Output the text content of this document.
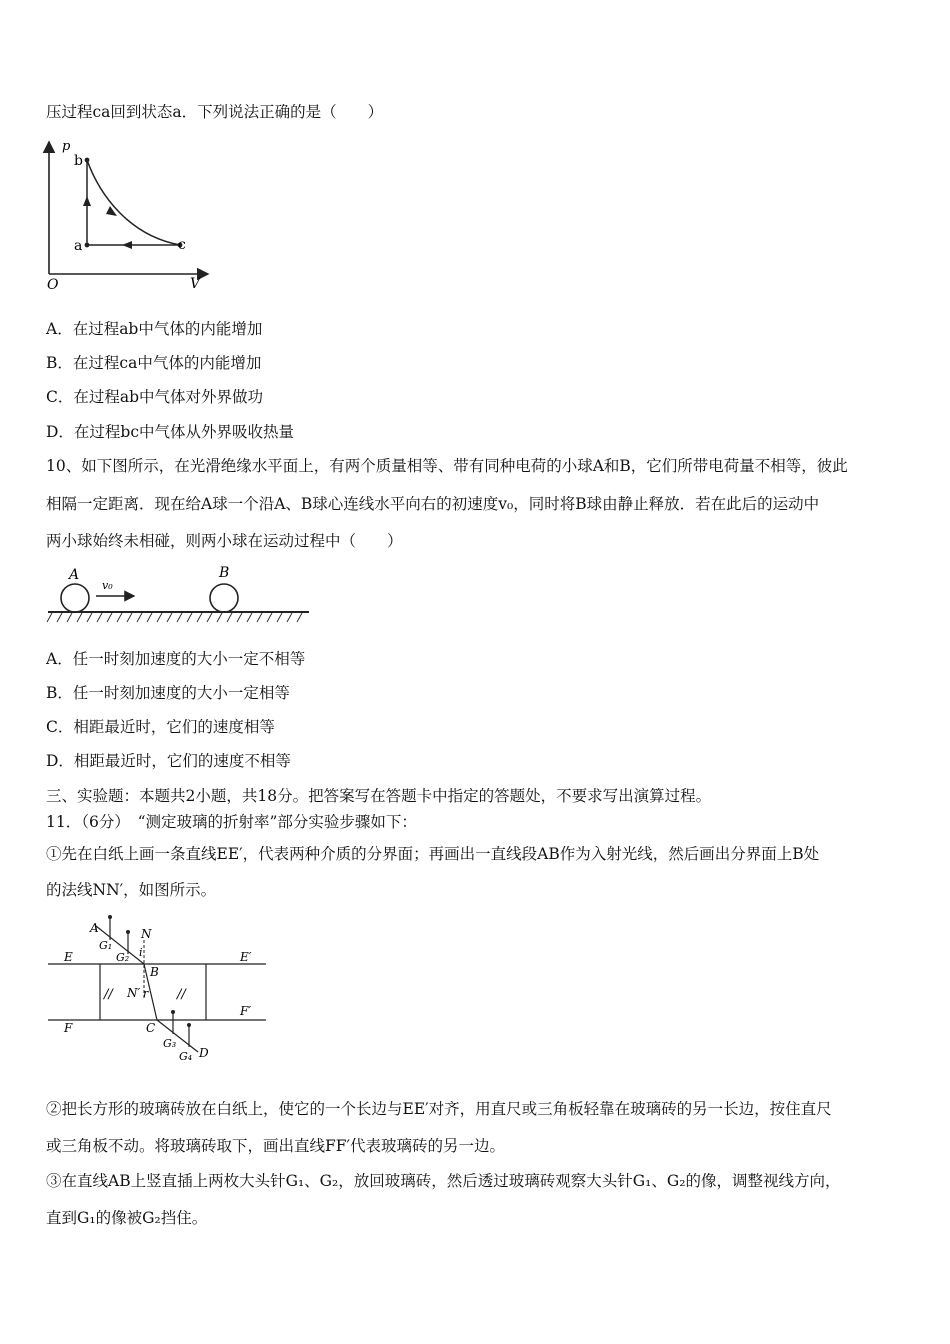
压过程ca回到状态a．下列说法正确的是（　　）
p
V
O
b
a	c
A．在过程ab中气体的内能增加
B．在过程ca中气体的内能增加
C．在过程ab中气体对外界做功
D．在过程bc中气体从外界吸收热量
10、如下图所示，在光滑绝缘水平面上，有两个质量相等、带有同种电荷的小球A和B，它们所带电荷量不相等，彼此
相隔一定距离．现在给A球一个沿A、B球心连线水平向右的初速度v₀，同时将B球由静止释放．若在此后的运动中
两小球始终未相碰，则两小球在运动过程中（　　）
A	B
v₀
A．任一时刻加速度的大小一定不相等
B．任一时刻加速度的大小一定相等
C．相距最近时，它们的速度相等
D．相距最近时，它们的速度不相等
三、实验题：本题共2小题，共18分。把答案写在答题卡中指定的答题处，不要求写出演算过程。
11．（6分）　“测定玻璃的折射率”部分实验步骤如下：
①先在白纸上画一条直线EE′，代表两种介质的分界面；再画出一直线段AB作为入射光线，然后画出分界面上B处
的法线NN′，如图所示。
A	N
G₁
G₂ i
E	E′
B
N′ r
//	//
F
F′
C
G₃
G₄ D
②把长方形的玻璃砖放在白纸上，使它的一个长边与EE′对齐，用直尺或三角板轻靠在玻璃砖的另一长边，按住直尺
或三角板不动。将玻璃砖取下，画出直线FF′代表玻璃砖的另一边。
③在直线AB上竖直插上两枚大头针G₁、G₂，放回玻璃砖，然后透过玻璃砖观察大头针G₁、G₂的像，调整视线方向，
直到G₁的像被G₂挡住。
